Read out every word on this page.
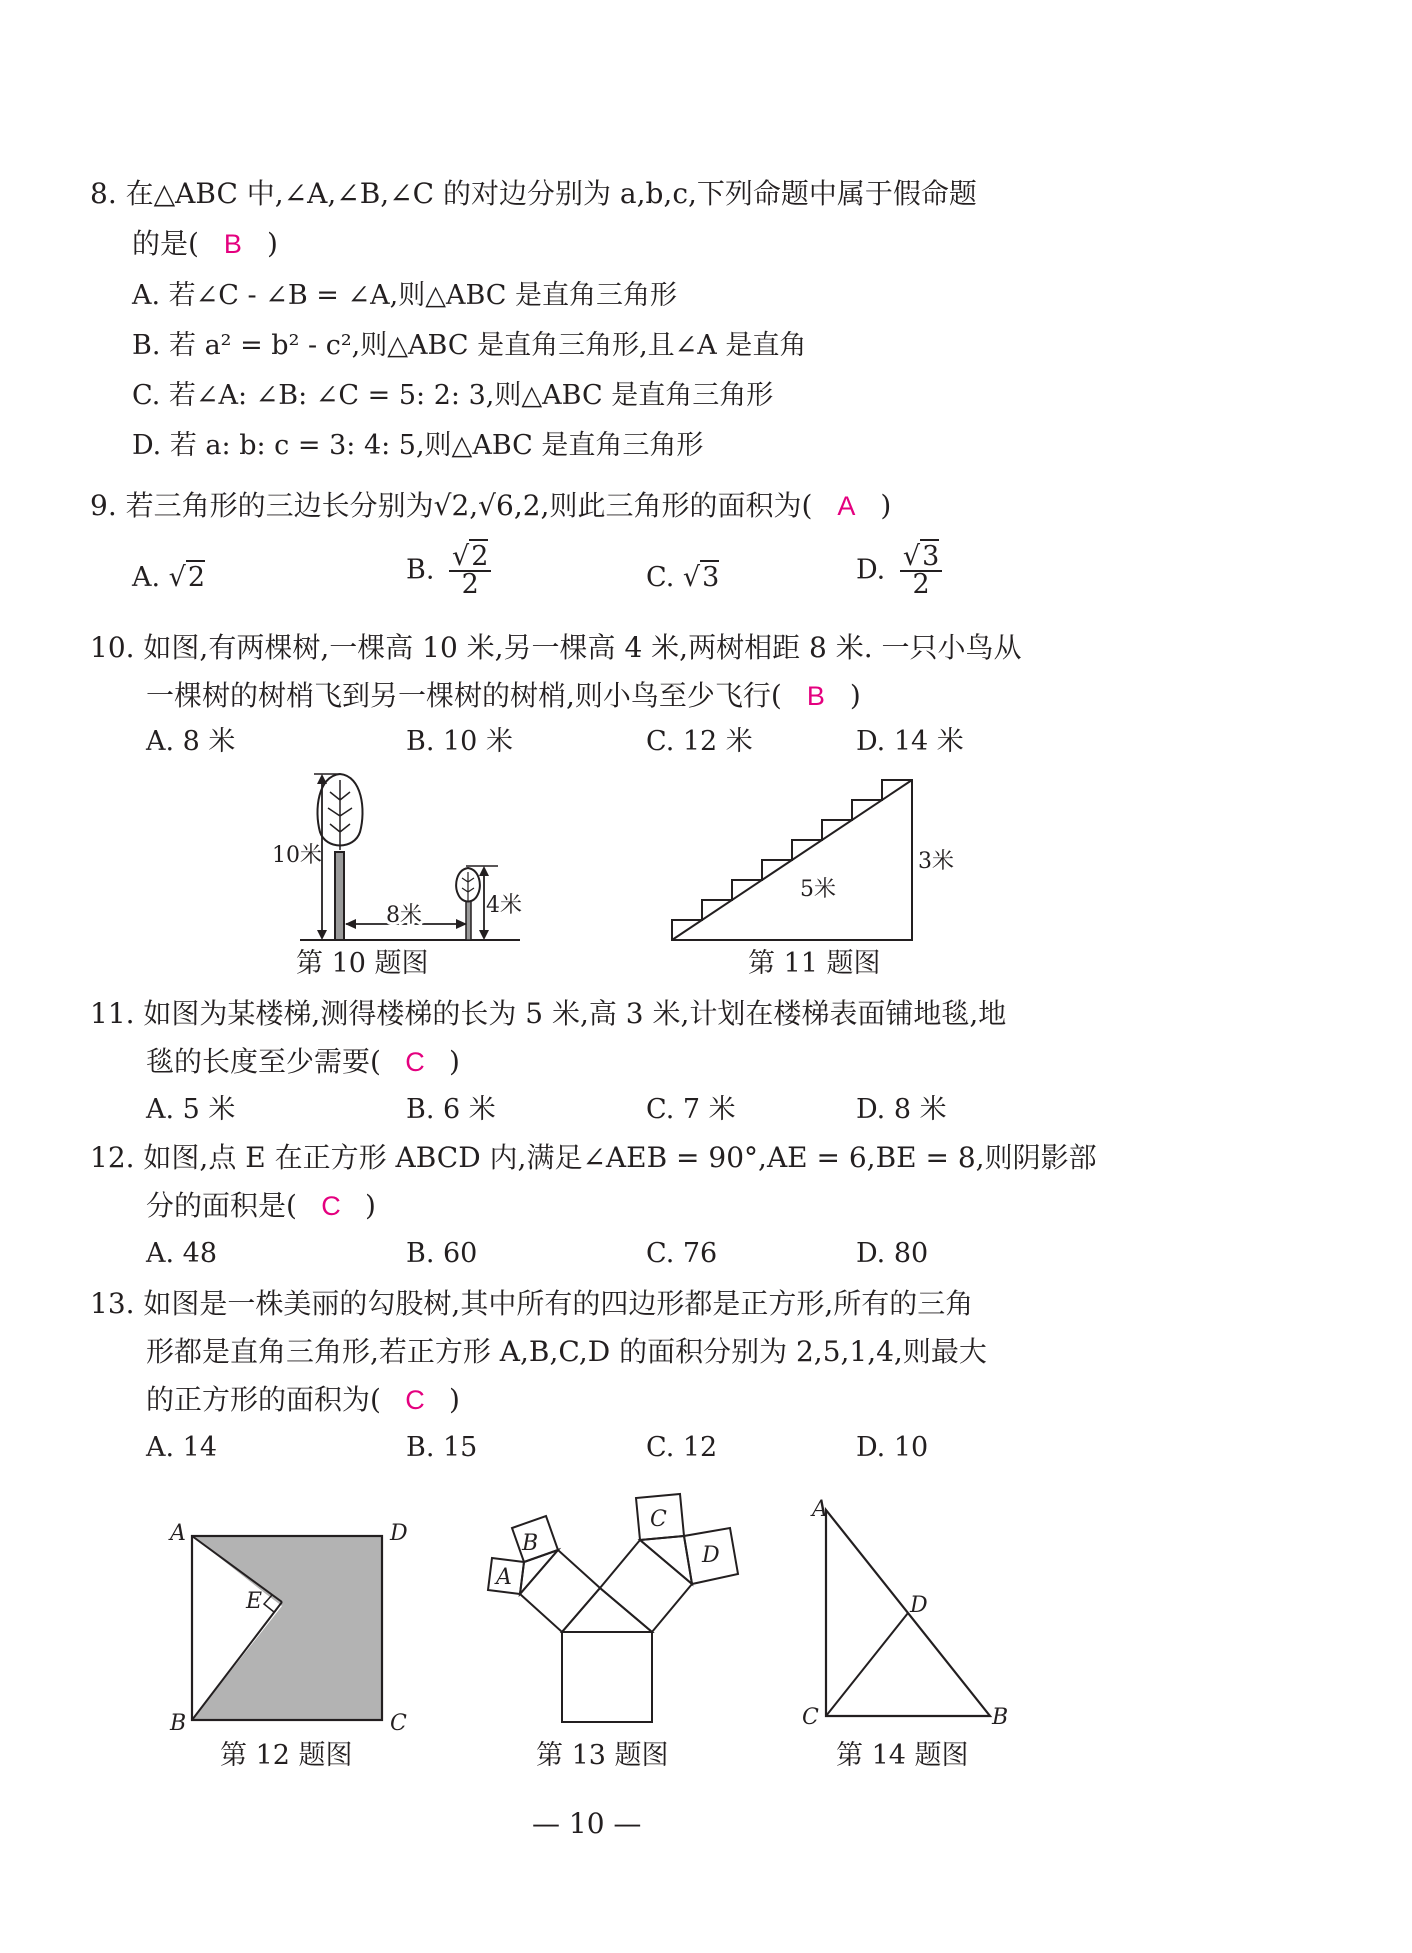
8. 在△ABC 中,∠A,∠B,∠C 的对边分别为 a,b,c,下列命题中属于假命题
的是( B )
A. 若∠C - ∠B = ∠A,则△ABC 是直角三角形
B. 若 a² = b² - c²,则△ABC 是直角三角形,且∠A 是直角
C. 若∠A: ∠B: ∠C = 5: 2: 3,则△ABC 是直角三角形
D. 若 a: b: c = 3: 4: 5,则△ABC 是直角三角形
9. 若三角形的三边长分别为√2,√6,2,则此三角形的面积为( A )
A. √2	B. $\frac{√2}{2}$	C. √3	D. $\frac{√3}{2}$
10. 如图,有两棵树,一棵高 10 米,另一棵高 4 米,两树相距 8 米. 一只小鸟从
一棵树的树梢飞到另一棵树的树梢,则小鸟至少飞行( B )
A. 8 米	B. 10 米	C. 12 米	D. 14 米
10米
4米
8米
第 10 题图
5米
3米
第 11 题图
11. 如图为某楼梯,测得楼梯的长为 5 米,高 3 米,计划在楼梯表面铺地毯,地
毯的长度至少需要( C )
A. 5 米	B. 6 米	C. 7 米	D. 8 米
12. 如图,点 E 在正方形 ABCD 内,满足∠AEB = 90°,AE = 6,BE = 8,则阴影部
分的面积是( C )
A. 48	B. 60	C. 76	D. 80
13. 如图是一株美丽的勾股树,其中所有的四边形都是正方形,所有的三角
形都是直角三角形,若正方形 A,B,C,D 的面积分别为 2,5,1,4,则最大
的正方形的面积为( C )
A. 14	B. 15	C. 12	D. 10
A	D
E
B	C
第 12 题图
A
B
C
D
第 13 题图
A
D
C	B
第 14 题图
— 10 —
